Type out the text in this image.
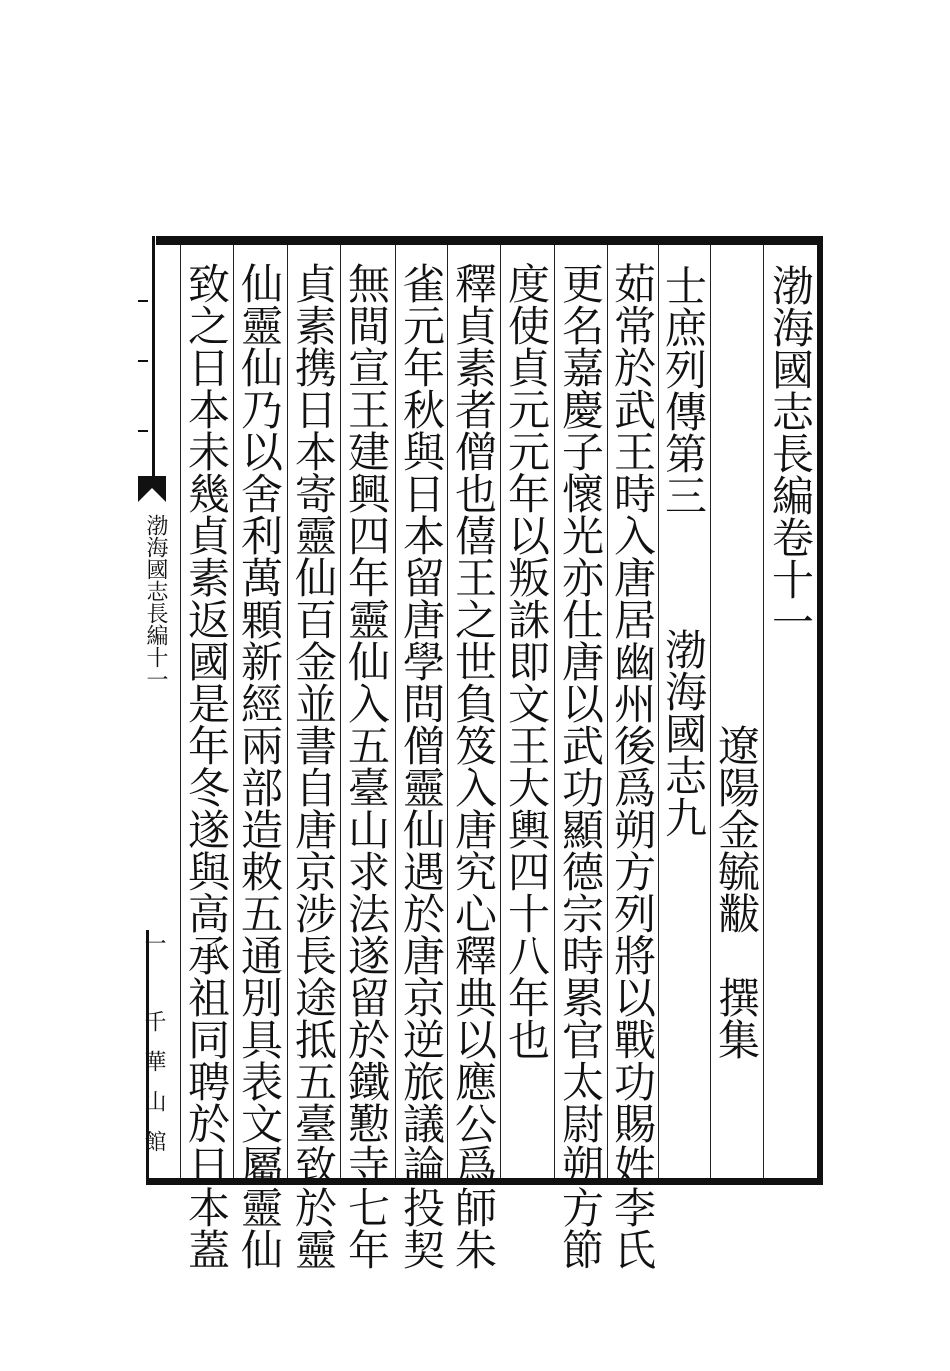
渤海國志長編卷十一
士庶列傳第三
渤海國志九 遼陽金毓黻　撰集
茹常於武王時入唐居幽州後爲朔方列將以戰功賜姓李氏
更名嘉慶子懷光亦仕唐以武功顯德宗時累官太尉朔方節
度使貞元元年以叛誅即文王大輿四十八年也
釋貞素者僧也僖王之世負笈入唐究心釋典以應公爲師朱
雀元年秋與日本留唐學問僧靈仙遇於唐京逆旅議論投契
無間宣王建興四年靈仙入五臺山求法遂留於鐵懃寺七年
貞素携日本寄靈仙百金並書自唐京涉長途抵五臺致於靈
仙靈仙乃以舍利萬顆新經兩部造敕五通別具表文屬靈仙
致之日本未幾貞素返國是年冬遂與高承祖同聘於日本蓋
渤海國志長編十一
一
千華山館
